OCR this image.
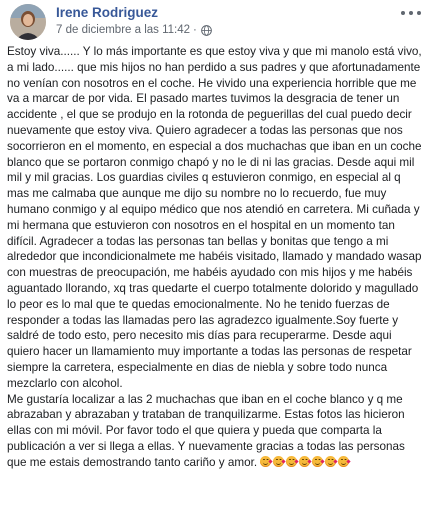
Irene Rodriguez
7 de diciembre a las 11:42 ·

Estoy viva...... Y lo más importante es que estoy viva y que mi manolo está vivo, a mi lado...... que mis hijos no han perdido a sus padres y que afortunadamente no venían con nosotros en el coche. He vivido una experiencia horrible que me va a marcar de por vida. El pasado martes tuvimos la desgracia de tener un accidente , el que se produjo en la rotonda de peguerillas del cual puedo decir nuevamente que estoy viva. Quiero agradecer a todas las personas que nos socorrieron en el momento, en especial a dos muchachas que iban en un coche blanco que se portaron conmigo chapó y no le di ni las gracias. Desde aqui mil mil y mil gracias. Los guardias civiles q estuvieron conmigo, en especial al q mas me calmaba que aunque me dijo su nombre no lo recuerdo, fue muy humano conmigo y al equipo médico que nos atendió en carretera. Mi cuñada y mi hermana que estuvieron con nosotros en el hospital en un momento tan difícil. Agradecer a todas las personas tan bellas y bonitas que tengo a mi alrededor que incondicionalmete me habéis visitado, llamado y mandado wasap con muestras de preocupación, me habéis ayudado con mis hijos y me habéis aguantado llorando, xq tras quedarte el cuerpo totalmente dolorido y magullado lo peor es lo mal que te quedas emocionalmente. No he tenido fuerzas de responder a todas las llamadas pero las agradezco igualmente.Soy fuerte y saldré de todo esto, pero necesito mis días para recuperarme. Desde aqui quiero hacer un llamamiento muy importante a todas las personas de respetar siempre la carretera, especialmente en dias de niebla y sobre todo nunca mezclarlo con alcohol.

Me gustaría localizar a las 2 muchachas que iban en el coche blanco y q me abrazaban y abrazaban y trataban de tranquilizarme. Estas fotos las hicieron ellas con mi móvil. Por favor todo el que quiera y pueda que comparta la publicación a ver si llega a ellas. Y nuevamente gracias a todas las personas que me estais demostrando tanto cariño y amor.
